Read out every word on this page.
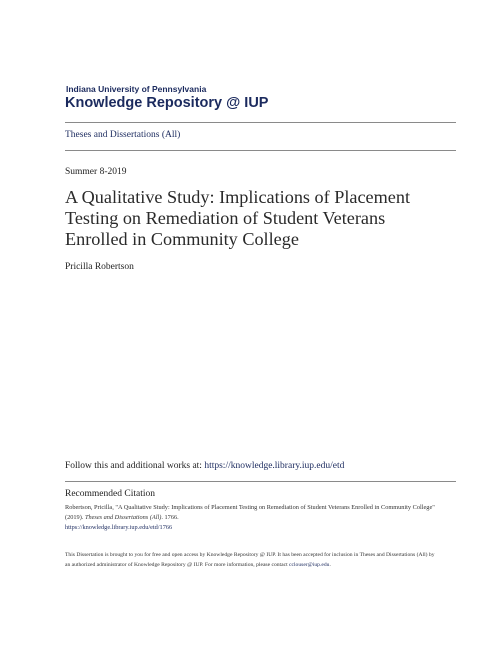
Indiana University of Pennsylvania
Knowledge Repository @ IUP
Theses and Dissertations (All)
Summer 8-2019
A Qualitative Study: Implications of Placement Testing on Remediation of Student Veterans Enrolled in Community College
Pricilla Robertson
Follow this and additional works at: https://knowledge.library.iup.edu/etd
Recommended Citation
Robertson, Pricilla, "A Qualitative Study: Implications of Placement Testing on Remediation of Student Veterans Enrolled in Community College" (2019). Theses and Dissertations (All). 1766.
https://knowledge.library.iup.edu/etd/1766
This Dissertation is brought to you for free and open access by Knowledge Repository @ IUP. It has been accepted for inclusion in Theses and Dissertations (All) by an authorized administrator of Knowledge Repository @ IUP. For more information, please contact cclouser@iup.edu.
